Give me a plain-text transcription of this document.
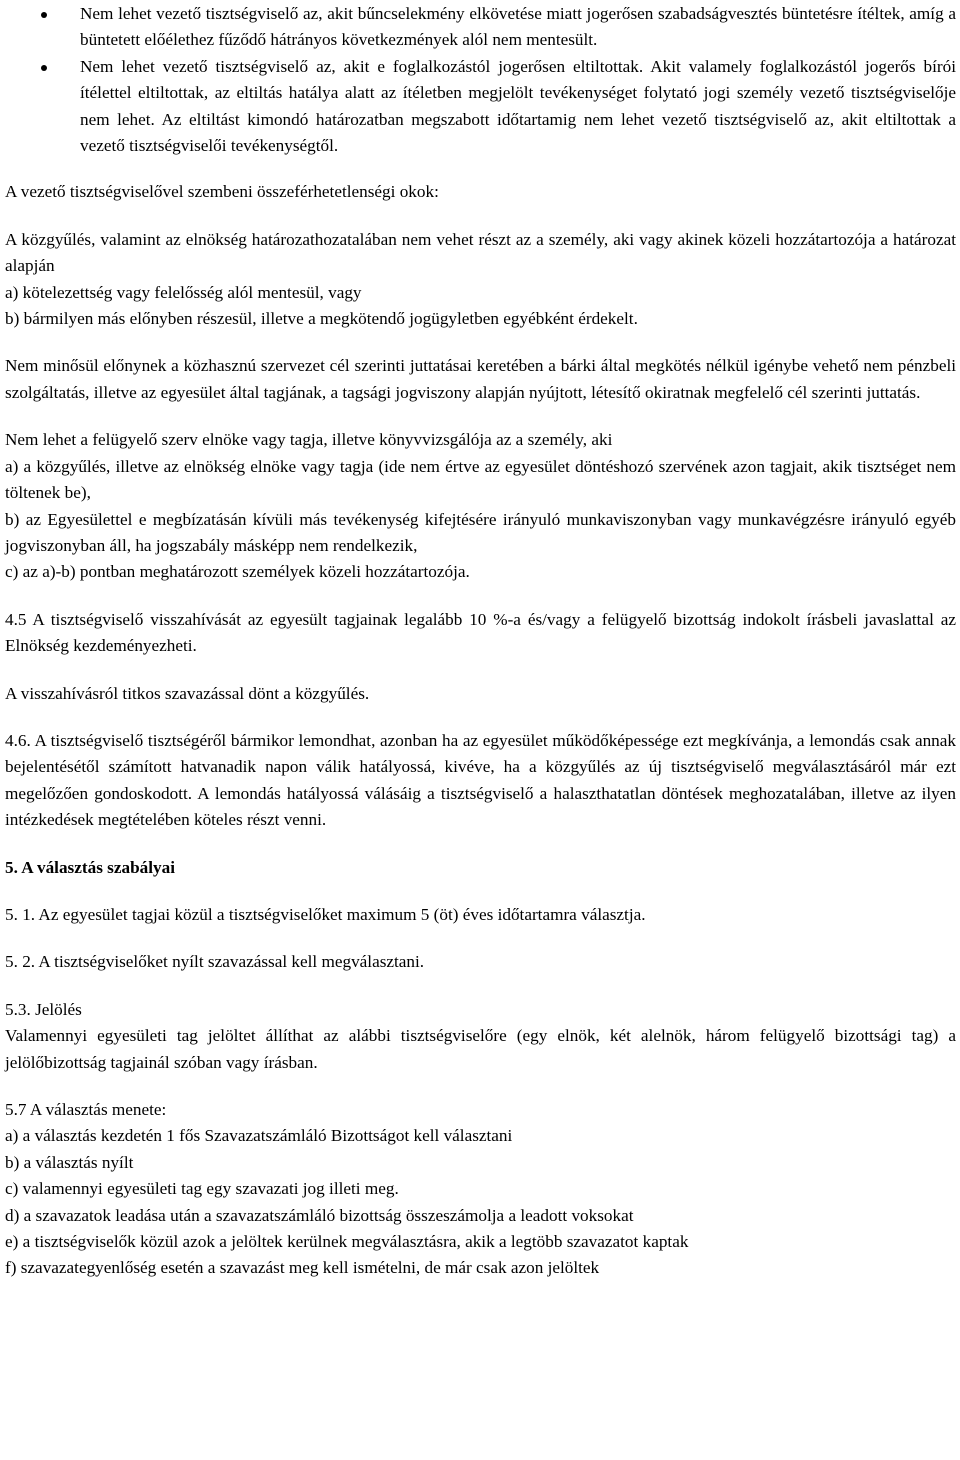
Nem lehet vezető tisztségviselő az, akit bűncselekmény elkövetése miatt jogerősen szabadságvesztés büntetésre ítéltek, amíg a büntetett előélethez fűződő hátrányos következmények alól nem mentesült.
Nem lehet vezető tisztségviselő az, akit e foglalkozástól jogerősen eltiltottak. Akit valamely foglalkozástól jogerős bírói ítélettel eltiltottak, az eltiltás hatálya alatt az ítéletben megjelölt tevékenységet folytató jogi személy vezető tisztségviselője nem lehet. Az eltiltást kimondó határozatban megszabott időtartamig nem lehet vezető tisztségviselő az, akit eltiltottak a vezető tisztségviselői tevékenységtől.

A vezető tisztségviselővel szembeni összeférhetetlenségi okok:

A közgyűlés, valamint az elnökség határozathozatalában nem vehet részt az a személy, aki vagy akinek közeli hozzátartozója a határozat alapján

a) kötelezettség vagy felelősség alól mentesül, vagy

b) bármilyen más előnyben részesül, illetve a megkötendő jogügyletben egyébként érdekelt.

Nem minősül előnynek a közhasznú szervezet cél szerinti juttatásai keretében a bárki által megkötés nélkül igénybe vehető nem pénzbeli szolgáltatás, illetve az egyesület által tagjának, a tagsági jogviszony alapján nyújtott, létesítő okiratnak megfelelő cél szerinti juttatás.

Nem lehet a felügyelő szerv elnöke vagy tagja, illetve könyvvizsgálója az a személy, aki

a) a közgyűlés, illetve az elnökség elnöke vagy tagja (ide nem értve az egyesület döntéshozó szervének azon tagjait, akik tisztséget nem töltenek be),

b) az Egyesülettel e megbízatásán kívüli más tevékenység kifejtésére irányuló munkaviszonyban vagy munkavégzésre irányuló egyéb jogviszonyban áll, ha jogszabály másképp nem rendelkezik,

c) az a)-b) pontban meghatározott személyek közeli hozzátartozója.

4.5 A tisztségviselő visszahívását az egyesült tagjainak legalább 10 %-a és/vagy a felügyelő bizottság indokolt írásbeli javaslattal az Elnökség kezdeményezheti.

A visszahívásról titkos szavazással dönt a közgyűlés.

4.6. A tisztségviselő tisztségéről bármikor lemondhat, azonban ha az egyesület működőképessége ezt megkívánja, a lemondás csak annak bejelentésétől számított hatvanadik napon válik hatályossá, kivéve, ha a közgyűlés az új tisztségviselő megválasztásáról már ezt megelőzően gondoskodott. A lemondás hatályossá válásáig a tisztségviselő a halaszthatatlan döntések meghozatalában, illetve az ilyen intézkedések megtételében köteles részt venni.

5. A választás szabályai

5. 1. Az egyesület tagjai közül a tisztségviselőket maximum 5 (öt) éves időtartamra választja.

5. 2. A tisztségviselőket nyílt szavazással kell megválasztani.

5.3. Jelölés

Valamennyi egyesületi tag jelöltet állíthat az alábbi tisztségviselőre (egy elnök, két alelnök, három felügyelő bizottsági tag) a jelölőbizottság tagjainál szóban vagy írásban.

5.7 A választás menete:

a) a választás kezdetén 1 fős Szavazatszámláló Bizottságot kell választani

b) a választás nyílt

c) valamennyi egyesületi tag egy szavazati jog illeti meg.

d) a szavazatok leadása után a szavazatszámláló bizottság összeszámolja a leadott voksokat

e) a tisztségviselők közül azok a jelöltek kerülnek megválasztásra, akik a legtöbb szavazatot kaptak

f) szavazategyenlőség esetén a szavazást meg kell ismételni, de már csak azon jelöltek
